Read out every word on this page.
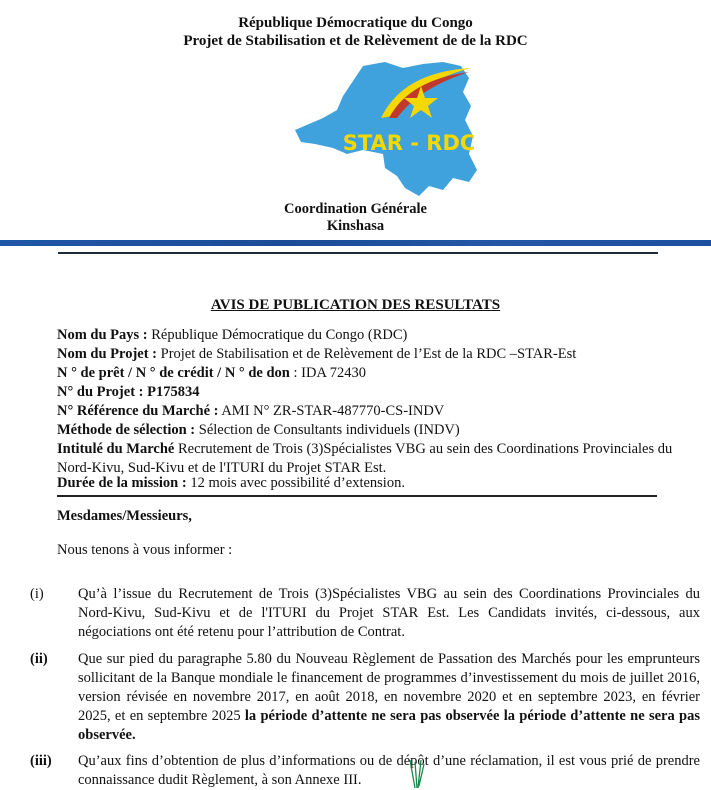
République Démocratique du Congo
Projet de Stabilisation et de Relèvement de de la RDC
STAR - RDC
Coordination Générale
Kinshasa
AVIS DE PUBLICATION DES RESULTATS
Nom du Pays : République Démocratique du Congo (RDC)
Nom du Projet : Projet de Stabilisation et de Relèvement de l’Est de la RDC –STAR-Est
N ° de prêt / N ° de crédit / N ° de don : IDA 72430
N° du Projet : P175834
N° Référence du Marché : AMI N° ZR-STAR-487770-CS-INDV
Méthode de sélection : Sélection de Consultants individuels (INDV)
Intitulé du Marché Recrutement de Trois (3)Spécialistes VBG au sein des Coordinations Provinciales du Nord-Kivu, Sud-Kivu et de l'ITURI du Projet STAR Est.
Durée de la mission : 12 mois avec possibilité d’extension.
Mesdames/Messieurs,
Nous tenons à vous informer :
(i) Qu’à l’issue du Recrutement de Trois (3)Spécialistes VBG au sein des Coordinations Provinciales du Nord-Kivu, Sud-Kivu et de l'ITURI du Projet STAR Est. Les Candidats invités, ci-dessous, aux négociations ont été retenu pour l’attribution de Contrat.
(ii) Que sur pied du paragraphe 5.80 du Nouveau Règlement de Passation des Marchés pour les emprunteurs sollicitant de la Banque mondiale le financement de programmes d’investissement du mois de juillet 2016, version révisée en novembre 2017, en août 2018, en novembre 2020 et en septembre 2023, en février 2025, et en septembre 2025 la période d’attente ne sera pas observée la période d’attente ne sera pas observée.
(iii) Qu’aux fins d’obtention de plus d’informations ou de dépôt d’une réclamation, il est vous prié de prendre connaissance dudit Règlement, à son Annexe III.
